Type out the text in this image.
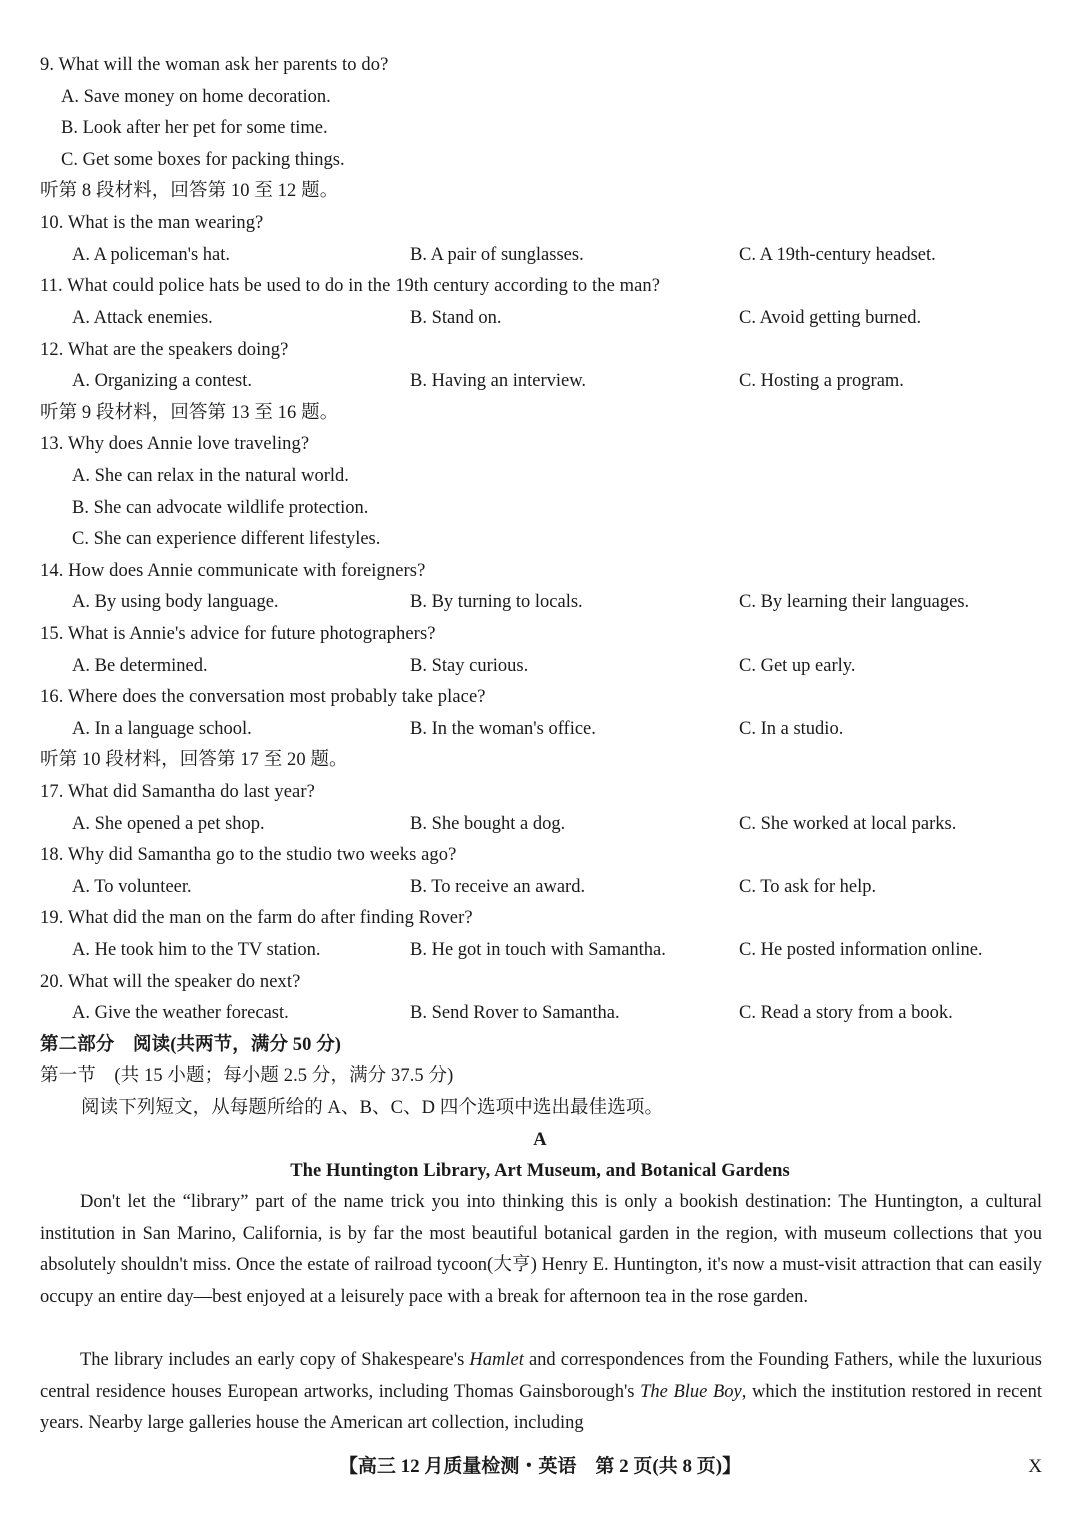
9. What will the woman ask her parents to do?
A. Save money on home decoration.
B. Look after her pet for some time.
C. Get some boxes for packing things.
听第 8 段材料，回答第 10 至 12 题。
10. What is the man wearing?
A. A policeman's hat.	B. A pair of sunglasses.	C. A 19th-century headset.
11. What could police hats be used to do in the 19th century according to the man?
A. Attack enemies.	B. Stand on.	C. Avoid getting burned.
12. What are the speakers doing?
A. Organizing a contest.	B. Having an interview.	C. Hosting a program.
听第 9 段材料，回答第 13 至 16 题。
13. Why does Annie love traveling?
A. She can relax in the natural world.
B. She can advocate wildlife protection.
C. She can experience different lifestyles.
14. How does Annie communicate with foreigners?
A. By using body language.	B. By turning to locals.	C. By learning their languages.
15. What is Annie's advice for future photographers?
A. Be determined.	B. Stay curious.	C. Get up early.
16. Where does the conversation most probably take place?
A. In a language school.	B. In the woman's office.	C. In a studio.
听第 10 段材料，回答第 17 至 20 题。
17. What did Samantha do last year?
A. She opened a pet shop.	B. She bought a dog.	C. She worked at local parks.
18. Why did Samantha go to the studio two weeks ago?
A. To volunteer.	B. To receive an award.	C. To ask for help.
19. What did the man on the farm do after finding Rover?
A. He took him to the TV station.	B. He got in touch with Samantha.	C. He posted information online.
20. What will the speaker do next?
A. Give the weather forecast.	B. Send Rover to Samantha.	C. Read a story from a book.
第二部分　阅读(共两节，满分 50 分)
第一节　(共 15 小题；每小题 2.5 分，满分 37.5 分)
阅读下列短文，从每题所给的 A、B、C、D 四个选项中选出最佳选项。
A
The Huntington Library, Art Museum, and Botanical Gardens
Don't let the “library” part of the name trick you into thinking this is only a bookish destination: The Huntington, a cultural institution in San Marino, California, is by far the most beautiful botanical garden in the region, with museum collections that you absolutely shouldn't miss. Once the estate of railroad tycoon(大亨) Henry E. Huntington, it's now a must-visit attraction that can easily occupy an entire day—best enjoyed at a leisurely pace with a break for afternoon tea in the rose garden.
The library includes an early copy of Shakespeare's Hamlet and correspondences from the Founding Fathers, while the luxurious central residence houses European artworks, including Thomas Gainsborough's The Blue Boy, which the institution restored in recent years. Nearby large galleries house the American art collection, including
【高三 12 月质量检测・英语　第 2 页(共 8 页)】	X
